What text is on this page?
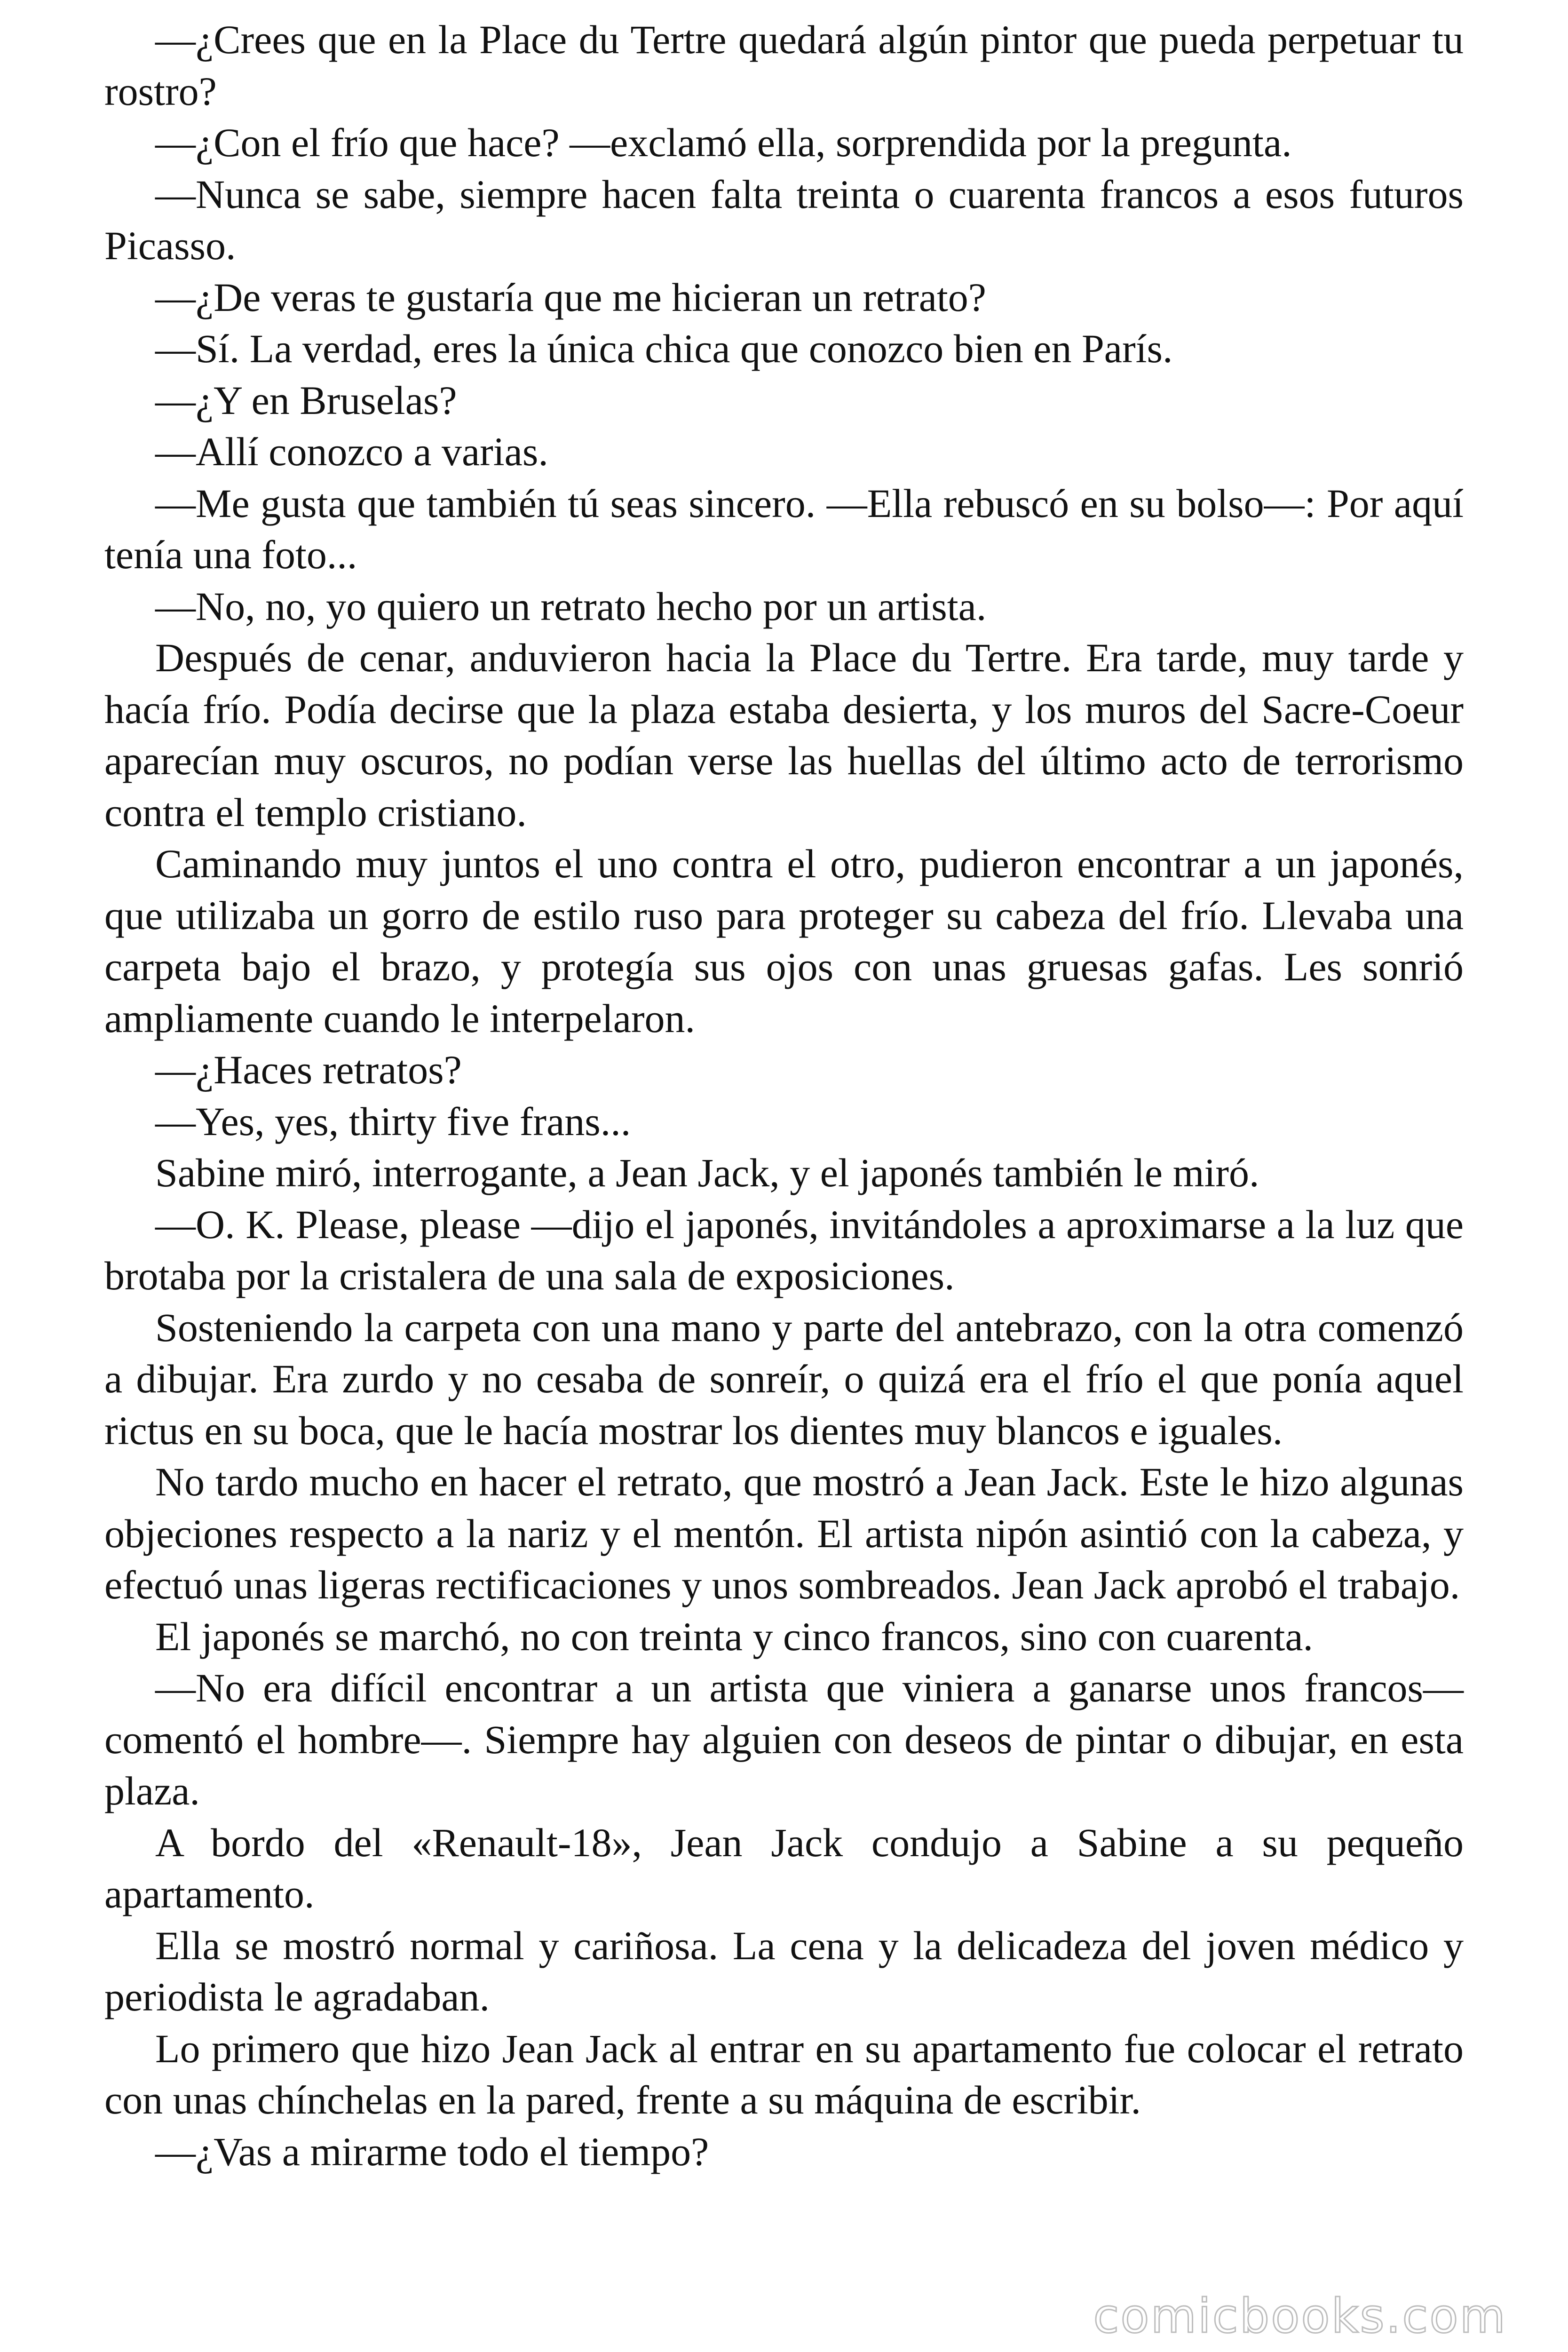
—¿Crees que en la Place du Tertre quedará algún pintor que pueda perpetuar tu rostro?

—¿Con el frío que hace? —exclamó ella, sorprendida por la pregunta.

—Nunca se sabe, siempre hacen falta treinta o cuarenta francos a esos futuros Picasso.

—¿De veras te gustaría que me hicieran un retrato?

—Sí. La verdad, eres la única chica que conozco bien en París.

—¿Y en Bruselas?

—Allí conozco a varias.

—Me gusta que también tú seas sincero. —Ella rebuscó en su bolso—: Por aquí tenía una foto...

—No, no, yo quiero un retrato hecho por un artista.

Después de cenar, anduvieron hacia la Place du Tertre. Era tarde, muy tarde y hacía frío. Podía decirse que la plaza estaba desierta, y los muros del Sacre-Coeur aparecían muy oscuros, no podían verse las huellas del último acto de terrorismo contra el templo cristiano.

Caminando muy juntos el uno contra el otro, pudieron encontrar a un japonés, que utilizaba un gorro de estilo ruso para proteger su cabeza del frío. Llevaba una carpeta bajo el brazo, y protegía sus ojos con unas gruesas gafas. Les sonrió ampliamente cuando le interpelaron.

—¿Haces retratos?

—Yes, yes, thirty five frans...

Sabine miró, interrogante, a Jean Jack, y el japonés también le miró.

—O. K. Please, please —dijo el japonés, invitándoles a aproximarse a la luz que brotaba por la cristalera de una sala de exposiciones.

Sosteniendo la carpeta con una mano y parte del antebrazo, con la otra comenzó a dibujar. Era zurdo y no cesaba de sonreír, o quizá era el frío el que ponía aquel rictus en su boca, que le hacía mostrar los dientes muy blancos e iguales.

No tardo mucho en hacer el retrato, que mostró a Jean Jack. Este le hizo algunas objeciones respecto a la nariz y el mentón. El artista nipón asintió con la cabeza, y efectuó unas ligeras rectificaciones y unos sombreados. Jean Jack aprobó el trabajo.

El japonés se marchó, no con treinta y cinco francos, sino con cuarenta.

—No era difícil encontrar a un artista que viniera a ganarse unos francos— comentó el hombre—. Siempre hay alguien con deseos de pintar o dibujar, en esta plaza.

A bordo del «Renault-18», Jean Jack condujo a Sabine a su pequeño apartamento.

Ella se mostró normal y cariñosa. La cena y la delicadeza del joven médico y periodista le agradaban.

Lo primero que hizo Jean Jack al entrar en su apartamento fue colocar el retrato con unas chínchelas en la pared, frente a su máquina de escribir.

—¿Vas a mirarme todo el tiempo?

comicbooks.com
